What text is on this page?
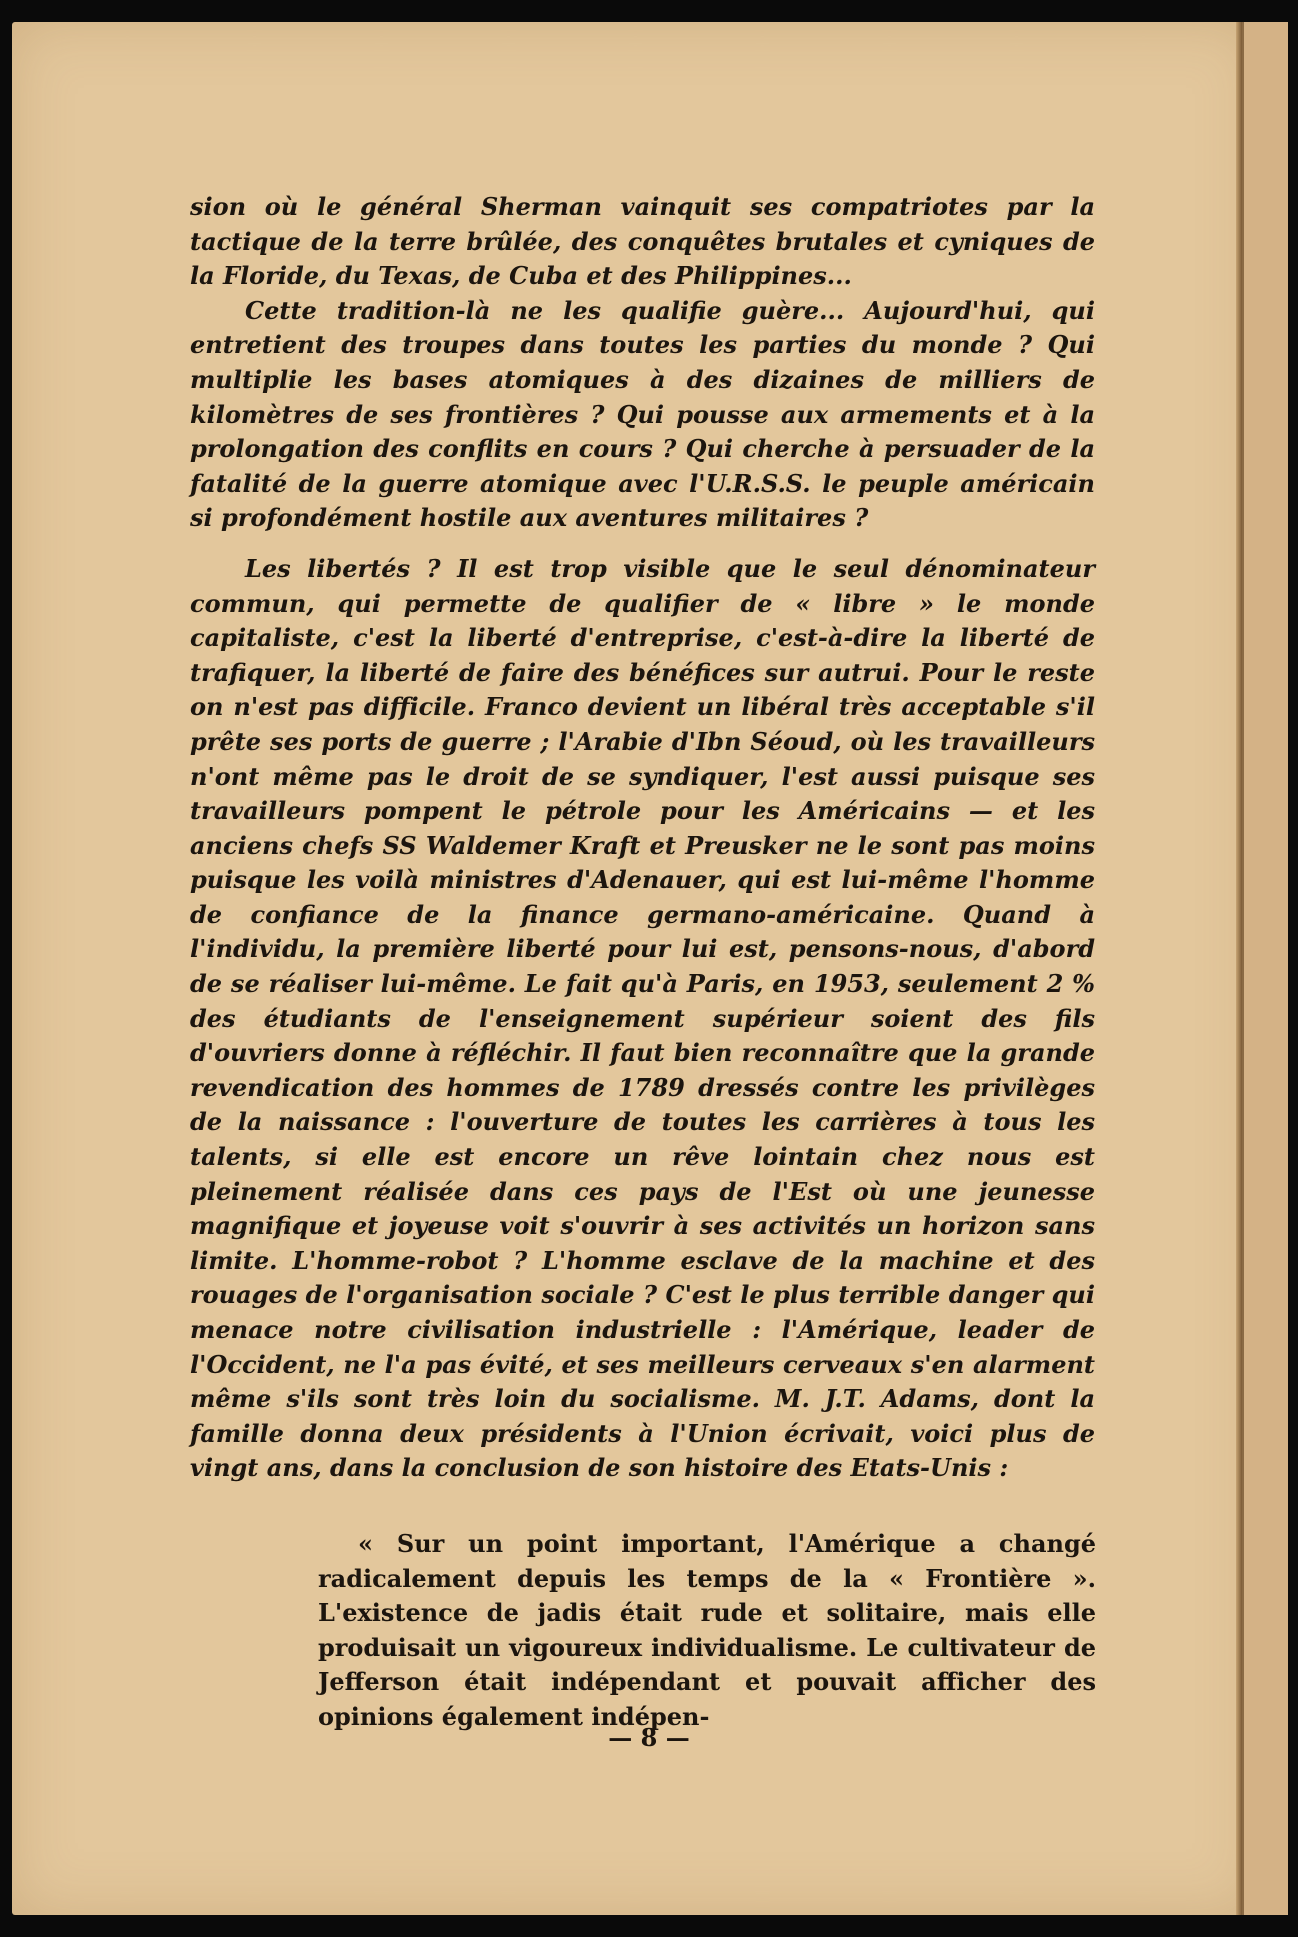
sion où le général Sherman vainquit ses compatriotes par la tactique de la terre brûlée, des conquêtes brutales et cyniques de la Floride, du Texas, de Cuba et des Philippines...

Cette tradition-là ne les qualifie guère... Aujourd'hui, qui entretient des troupes dans toutes les parties du monde ? Qui multiplie les bases atomiques à des dizaines de milliers de kilomètres de ses frontières ? Qui pousse aux armements et à la prolongation des conflits en cours ? Qui cherche à persuader de la fatalité de la guerre atomique avec l'U.R.S.S. le peuple américain si profondément hostile aux aventures militaires ?

Les libertés ? Il est trop visible que le seul dénominateur commun, qui permette de qualifier de « libre » le monde capitaliste, c'est la liberté d'entreprise, c'est-à-dire la liberté de trafiquer, la liberté de faire des bénéfices sur autrui. Pour le reste on n'est pas difficile. Franco devient un libéral très acceptable s'il prête ses ports de guerre ; l'Arabie d'Ibn Séoud, où les travailleurs n'ont même pas le droit de se syndiquer, l'est aussi puisque ses travailleurs pompent le pétrole pour les Américains — et les anciens chefs SS Waldemer Kraft et Preusker ne le sont pas moins puisque les voilà ministres d'Adenauer, qui est lui-même l'homme de confiance de la finance germano-américaine. Quand à l'individu, la première liberté pour lui est, pensons-nous, d'abord de se réaliser lui-même. Le fait qu'à Paris, en 1953, seulement 2 % des étudiants de l'enseignement supérieur soient des fils d'ouvriers donne à réfléchir. Il faut bien reconnaître que la grande revendication des hommes de 1789 dressés contre les privilèges de la naissance : l'ouverture de toutes les carrières à tous les talents, si elle est encore un rêve lointain chez nous est pleinement réalisée dans ces pays de l'Est où une jeunesse magnifique et joyeuse voit s'ouvrir à ses activités un horizon sans limite. L'homme-robot ? L'homme esclave de la machine et des rouages de l'organisation sociale ? C'est le plus terrible danger qui menace notre civilisation industrielle : l'Amérique, leader de l'Occident, ne l'a pas évité, et ses meilleurs cerveaux s'en alarment même s'ils sont très loin du socialisme. M. J.T. Adams, dont la famille donna deux présidents à l'Union écrivait, voici plus de vingt ans, dans la conclusion de son histoire des Etats-Unis :

« Sur un point important, l'Amérique a changé radicalement depuis les temps de la « Frontière ». L'existence de jadis était rude et solitaire, mais elle produisait un vigoureux individualisme. Le cultivateur de Jefferson était indépendant et pouvait afficher des opinions également indépen-

— 8 —
